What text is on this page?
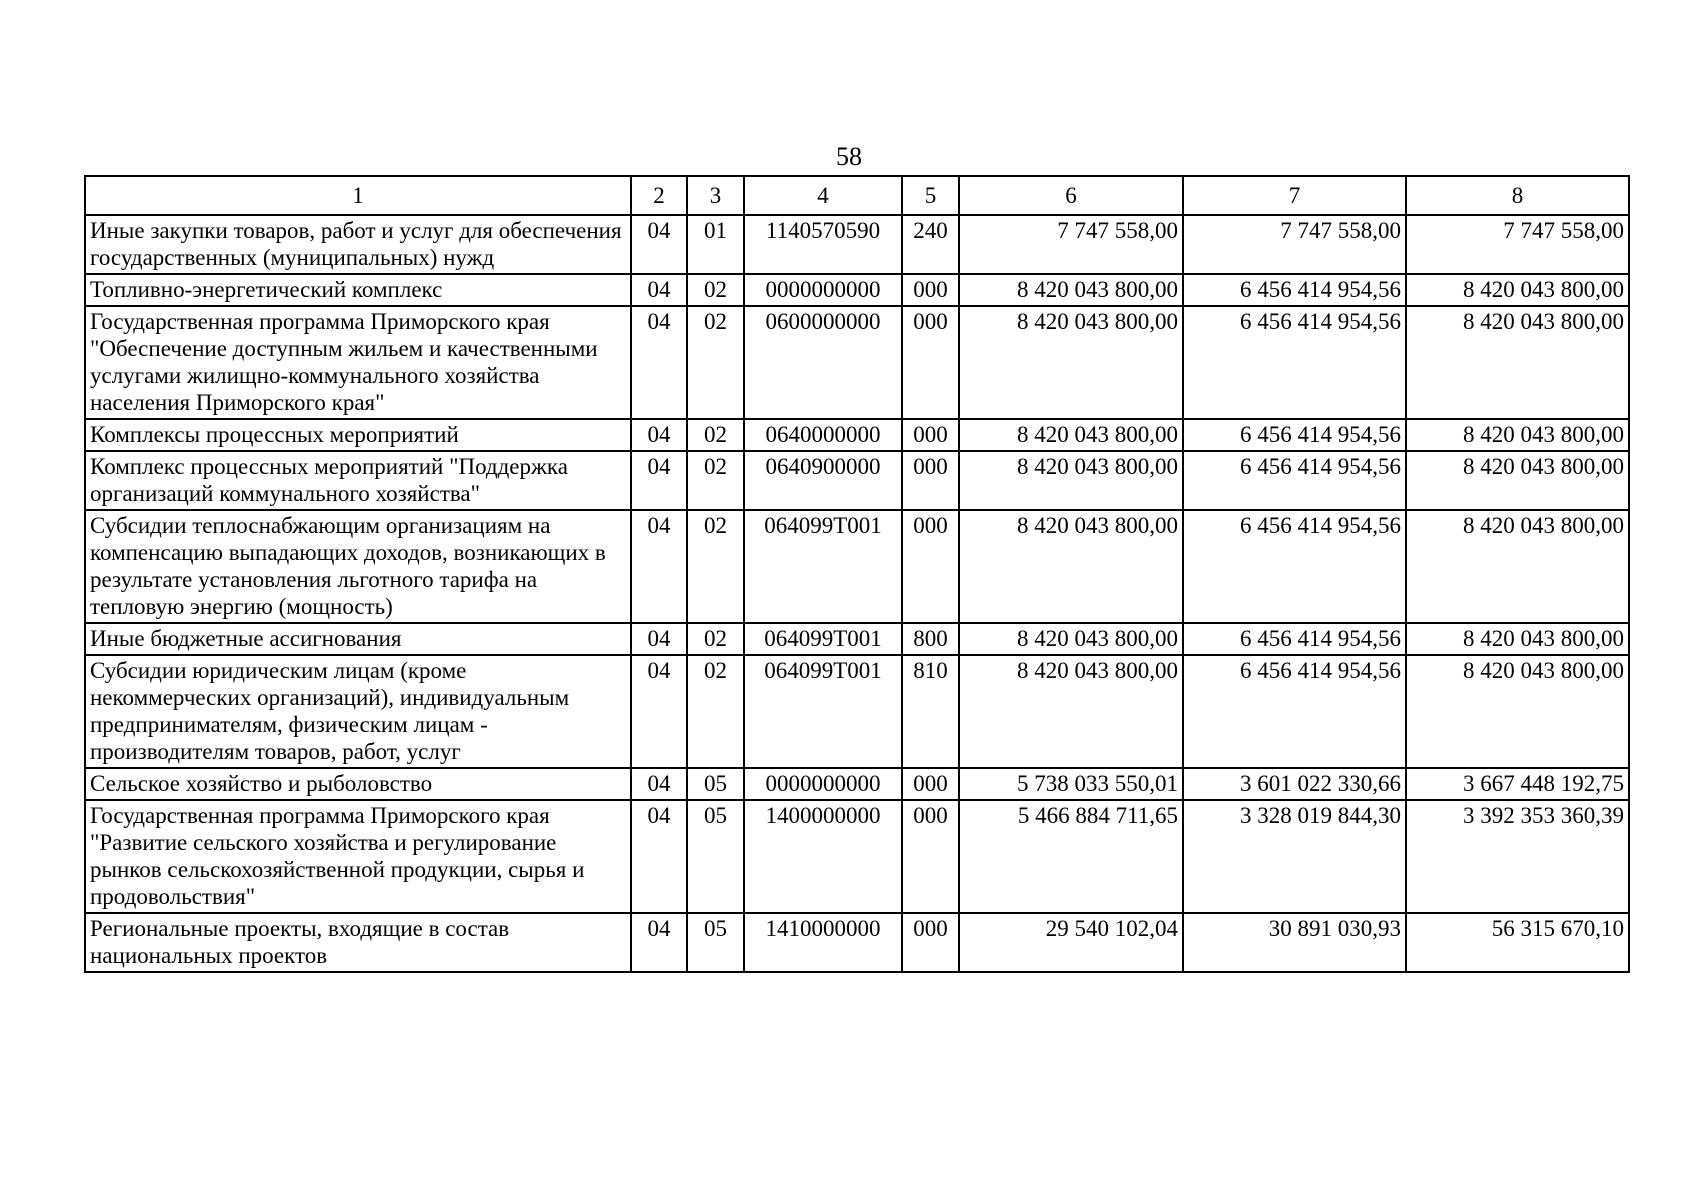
58
1	2	3	4	5	6	7	8
Иные закупки товаров, работ и услуг для обеспечения государственных (муниципальных) нужд	04	01	1140570590	240	7 747 558,00	7 747 558,00	7 747 558,00
Топливно-энергетический комплекс	04	02	0000000000	000	8 420 043 800,00	6 456 414 954,56	8 420 043 800,00
Государственная программа Приморского края "Обеспечение доступным жильем и качественными услугами жилищно-коммунального хозяйства населения Приморского края"	04	02	0600000000	000	8 420 043 800,00	6 456 414 954,56	8 420 043 800,00
Комплексы процессных мероприятий	04	02	0640000000	000	8 420 043 800,00	6 456 414 954,56	8 420 043 800,00
Комплекс процессных мероприятий "Поддержка организаций коммунального хозяйства"	04	02	0640900000	000	8 420 043 800,00	6 456 414 954,56	8 420 043 800,00
Субсидии теплоснабжающим организациям на компенсацию выпадающих доходов, возникающих в результате установления льготного тарифа на тепловую энергию (мощность)	04	02	064099Т001	000	8 420 043 800,00	6 456 414 954,56	8 420 043 800,00
Иные бюджетные ассигнования	04	02	064099Т001	800	8 420 043 800,00	6 456 414 954,56	8 420 043 800,00
Субсидии юридическим лицам (кроме некоммерческих организаций), индивидуальным предпринимателям, физическим лицам - производителям товаров, работ, услуг	04	02	064099Т001	810	8 420 043 800,00	6 456 414 954,56	8 420 043 800,00
Сельское хозяйство и рыболовство	04	05	0000000000	000	5 738 033 550,01	3 601 022 330,66	3 667 448 192,75
Государственная программа Приморского края "Развитие сельского хозяйства и регулирование рынков сельскохозяйственной продукции, сырья и продовольствия"	04	05	1400000000	000	5 466 884 711,65	3 328 019 844,30	3 392 353 360,39
Региональные проекты, входящие в состав национальных проектов	04	05	1410000000	000	29 540 102,04	30 891 030,93	56 315 670,10
